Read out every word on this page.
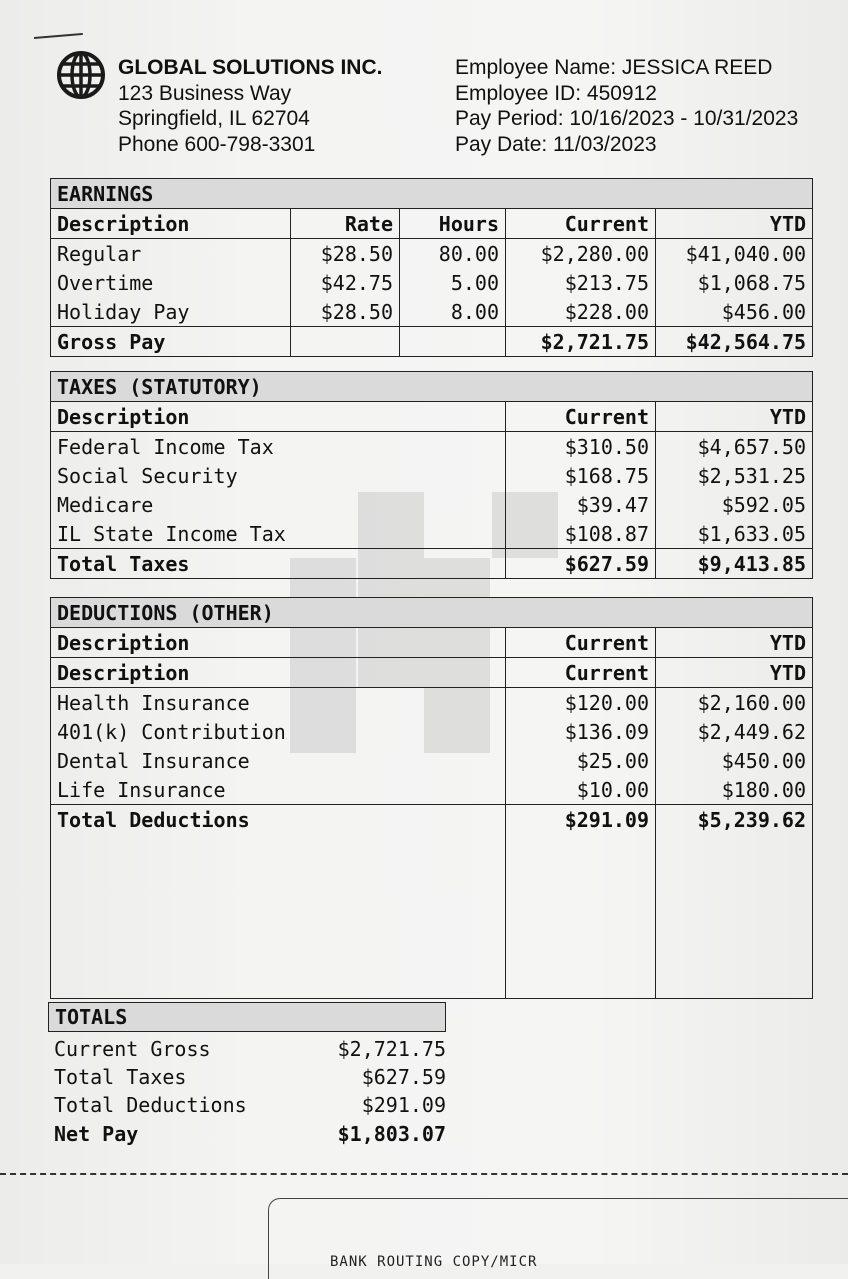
GLOBAL SOLUTIONS INC.
123 Business Way
Springfield, IL 62704
Phone 600-798-3301
Employee Name: JESSICA REED
Employee ID: 450912
Pay Period: 10/16/2023 - 10/31/2023
Pay Date: 11/03/2023
EARNINGS				
Description	Rate	Hours	Current	YTD
Regular	$28.50	80.00	$2,280.00	$41,040.00
Overtime	$42.75	5.00	$213.75	$1,068.75
Holiday Pay	$28.50	8.00	$228.00	$456.00
Gross Pay			$2,721.75	$42,564.75
TAXES (STATUTORY)		
Description	Current	YTD
Federal Income Tax	$310.50	$4,657.50
Social Security	$168.75	$2,531.25
Medicare	$39.47	$592.05
IL State Income Tax	$108.87	$1,633.05
Total Taxes	$627.59	$9,413.85
DEDUCTIONS (OTHER)		
Description	Current	YTD
Description	Current	YTD
Health Insurance	$120.00	$2,160.00
401(k) Contribution	$136.09	$2,449.62
Dental Insurance	$25.00	$450.00
Life Insurance	$10.00	$180.00
Total Deductions	$291.09	$5,239.62

TOTALS
Current Gross	$2,721.75
Total Taxes	$627.59
Total Deductions	$291.09
Net Pay	$1,803.07
BANK ROUTING COPY/MICR
